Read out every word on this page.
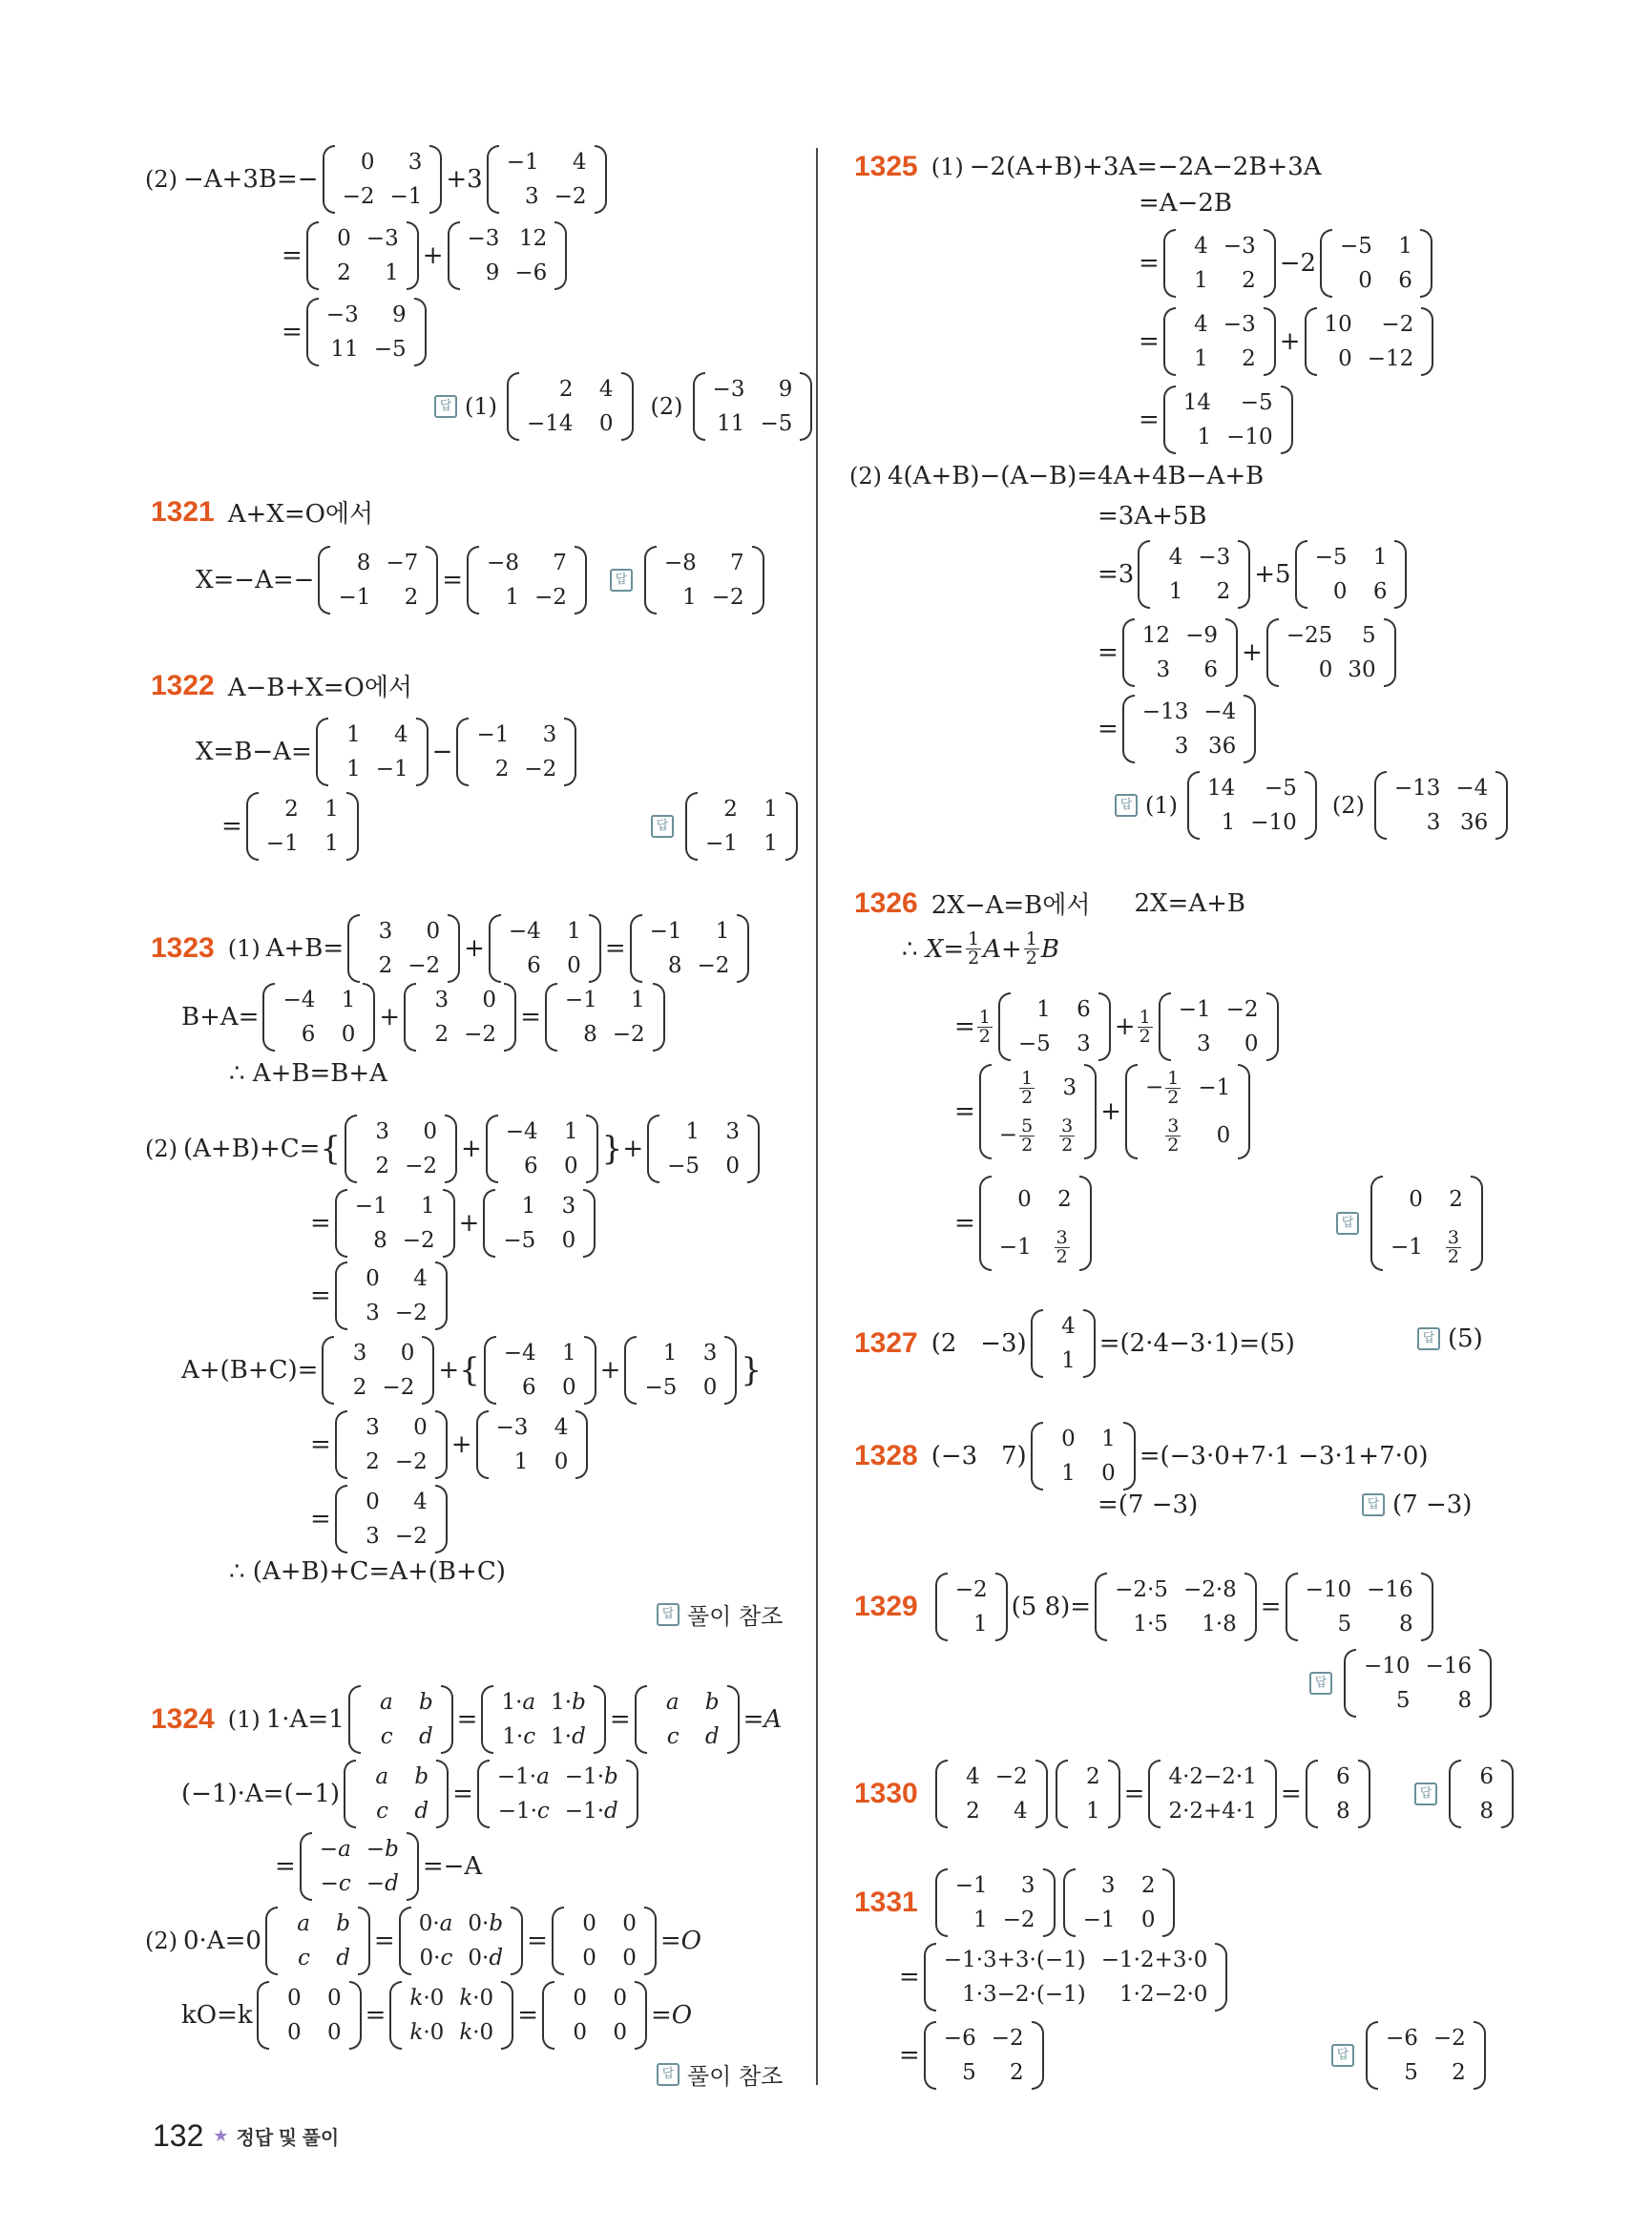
(2) −A+3B=−
0	3
−2	−1
+3
−1	4
3	−2
=
0	−3
2	1
+
−3	12
9	−6
=
−3	9
11	−5
답 (1)
2	4
−14	0
(2)
−3	9
11	−5
1321 A+X=O에서
X=−A=−
8	−7
−1	2
=
−8	7
1	−2
답
−8	7
1	−2
1322 A−B+X=O에서
X=B−A=
1	4
1	−1
−
−1	3
2	−2
=
2	1
−1	1
답
2	1
−1	1
1323 (1) A+B=
3	0
2	−2
+
−4	1
6	0
=
−1	1
8	−2
B+A=
−4	1
6	0
+
3	0
2	−2
=
−1	1
8	−2
∴ A+B=B+A
(2) (A+B)+C= { 3	0
2	−2
+
−4	1
6	0 } +
1	3
−5	0
=
−1	1
8	−2
+
1	3
−5	0
=
0	4
3	−2
A+(B+C)=
3	0
2	−2
+ { −4	1
6	0
+
1	3
−5	0 }
=
3	0
2	−2
+
−3	4
1	0
=
0	4
3	−2
∴ (A+B)+C=A+(B+C)
답 풀이 참조
1324 (1) 1·A=1
a	b
c	d
=
1·a	1·b
1·c	1·d
=
a	b
c	d
=A
(−1)·A=(−1)
a	b
c	d
=
−1·a	−1·b
−1·c	−1·d
=
−a	−b
−c	−d
=−A
(2) 0·A=0
a	b
c	d
=
0·a	0·b
0·c	0·d
=
0	0
0	0
=O
kO=k
0	0
0	0
=
k·0	k·0
k·0	k·0
=
0	0
0	0
=O
답 풀이 참조
1325 (1) −2(A+B)+3A=−2A−2B+3A
=A−2B
=
4	−3
1	2
−2
−5	1
0	6
=
4	−3
1	2
+
10	−2
0	−12
=
14	−5
1	−10
(2) 4(A+B)−(A−B)=4A+4B−A+B
=3A+5B
=3
4	−3
1	2
+5
−5	1
0	6
=
12	−9
3	6
+
−25	5
0	30
=
−13	−4
3	36
답 (1)
14	−5
1	−10
(2)
−13	−4
3	36
1326 2X−A=B에서 2X=A+B
∴ $X= \frac{1}{2} A+ \frac{1}{2}$ B
= $\frac{1}{2} 1$	6
−5	3
+ $\frac{1}{2} -1$	−2
3	0
=
$\frac{1}{2}$	3
− $\frac{5}{2}$	$\frac{3}{2}$
+
− $\frac{1}{2}$	−1

$\frac{3}{2}$	0
=
0	2
−1	$\frac{3}{2}$
답
0	2
−1	$\frac{3}{2}$
1327 (2   −3)
4
1
=(2·4−3·1)=(5)	답 (5)
1328 (−3   7)
0	1
1	0
=(−3·0+7·1 −3·1+7·0)
=(7 −3)	답 (7 −3)
1329
−2
1
(5 8)=
−2·5	−2·8
1·5	1·8
=
−10	−16
5	8
답
−10	−16
5	8
1330
4	−2
2	4
2
1
=
4·2−2·1
2·2+4·1
=
6
8
답
6
8
1331
−1	3
1	−2
3	2
−1	0
=
−1·3+3·(−1)	−1·2+3·0
1·3−2·(−1)	1·2−2·0
=
−6	−2
5	2
답
−6	−2
5	2
132 ★ 정답 및 풀이
